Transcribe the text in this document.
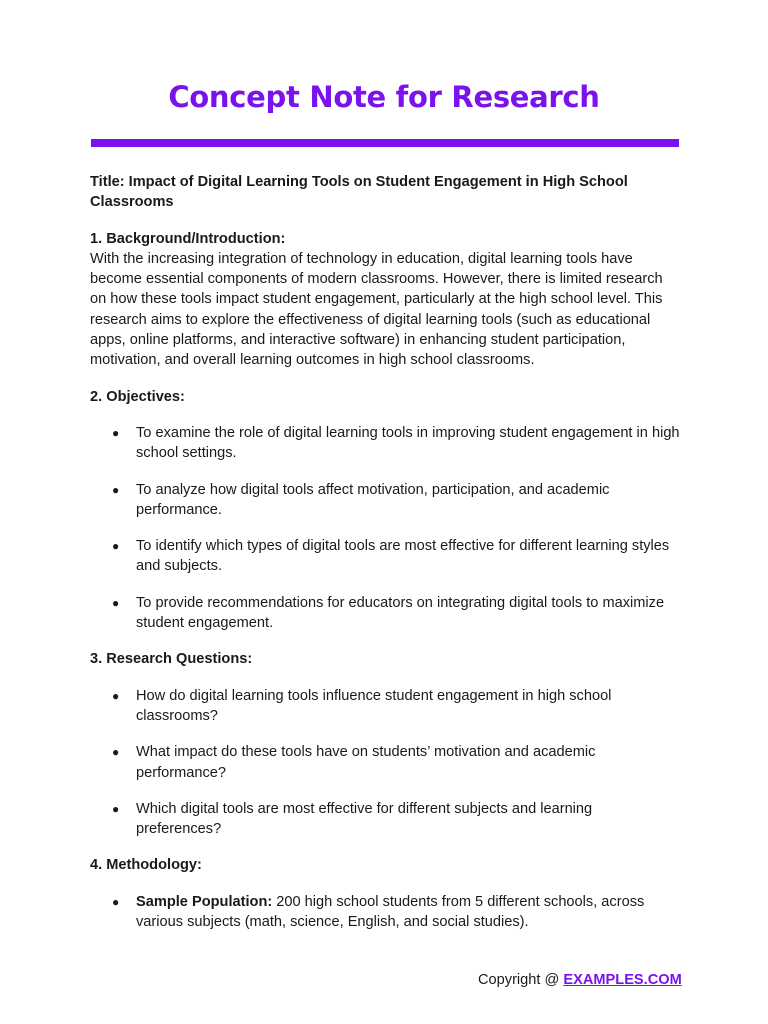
Concept Note for Research

Title: Impact of Digital Learning Tools on Student Engagement in High School Classrooms

1. Background/Introduction:

With the increasing integration of technology in education, digital learning tools have become essential components of modern classrooms. However, there is limited research on how these tools impact student engagement, particularly at the high school level. This research aims to explore the effectiveness of digital learning tools (such as educational apps, online platforms, and interactive software) in enhancing student participation, motivation, and overall learning outcomes in high school classrooms.

2. Objectives:

● To examine the role of digital learning tools in improving student engagement in high school settings.
● To analyze how digital tools affect motivation, participation, and academic performance.
● To identify which types of digital tools are most effective for different learning styles and subjects.
● To provide recommendations for educators on integrating digital tools to maximize student engagement.

3. Research Questions:

● How do digital learning tools influence student engagement in high school classrooms?
● What impact do these tools have on students’ motivation and academic performance?
● Which digital tools are most effective for different subjects and learning preferences?

4. Methodology:

● Sample Population: 200 high school students from 5 different schools, across various subjects (math, science, English, and social studies).
Copyright @ EXAMPLES.COM
